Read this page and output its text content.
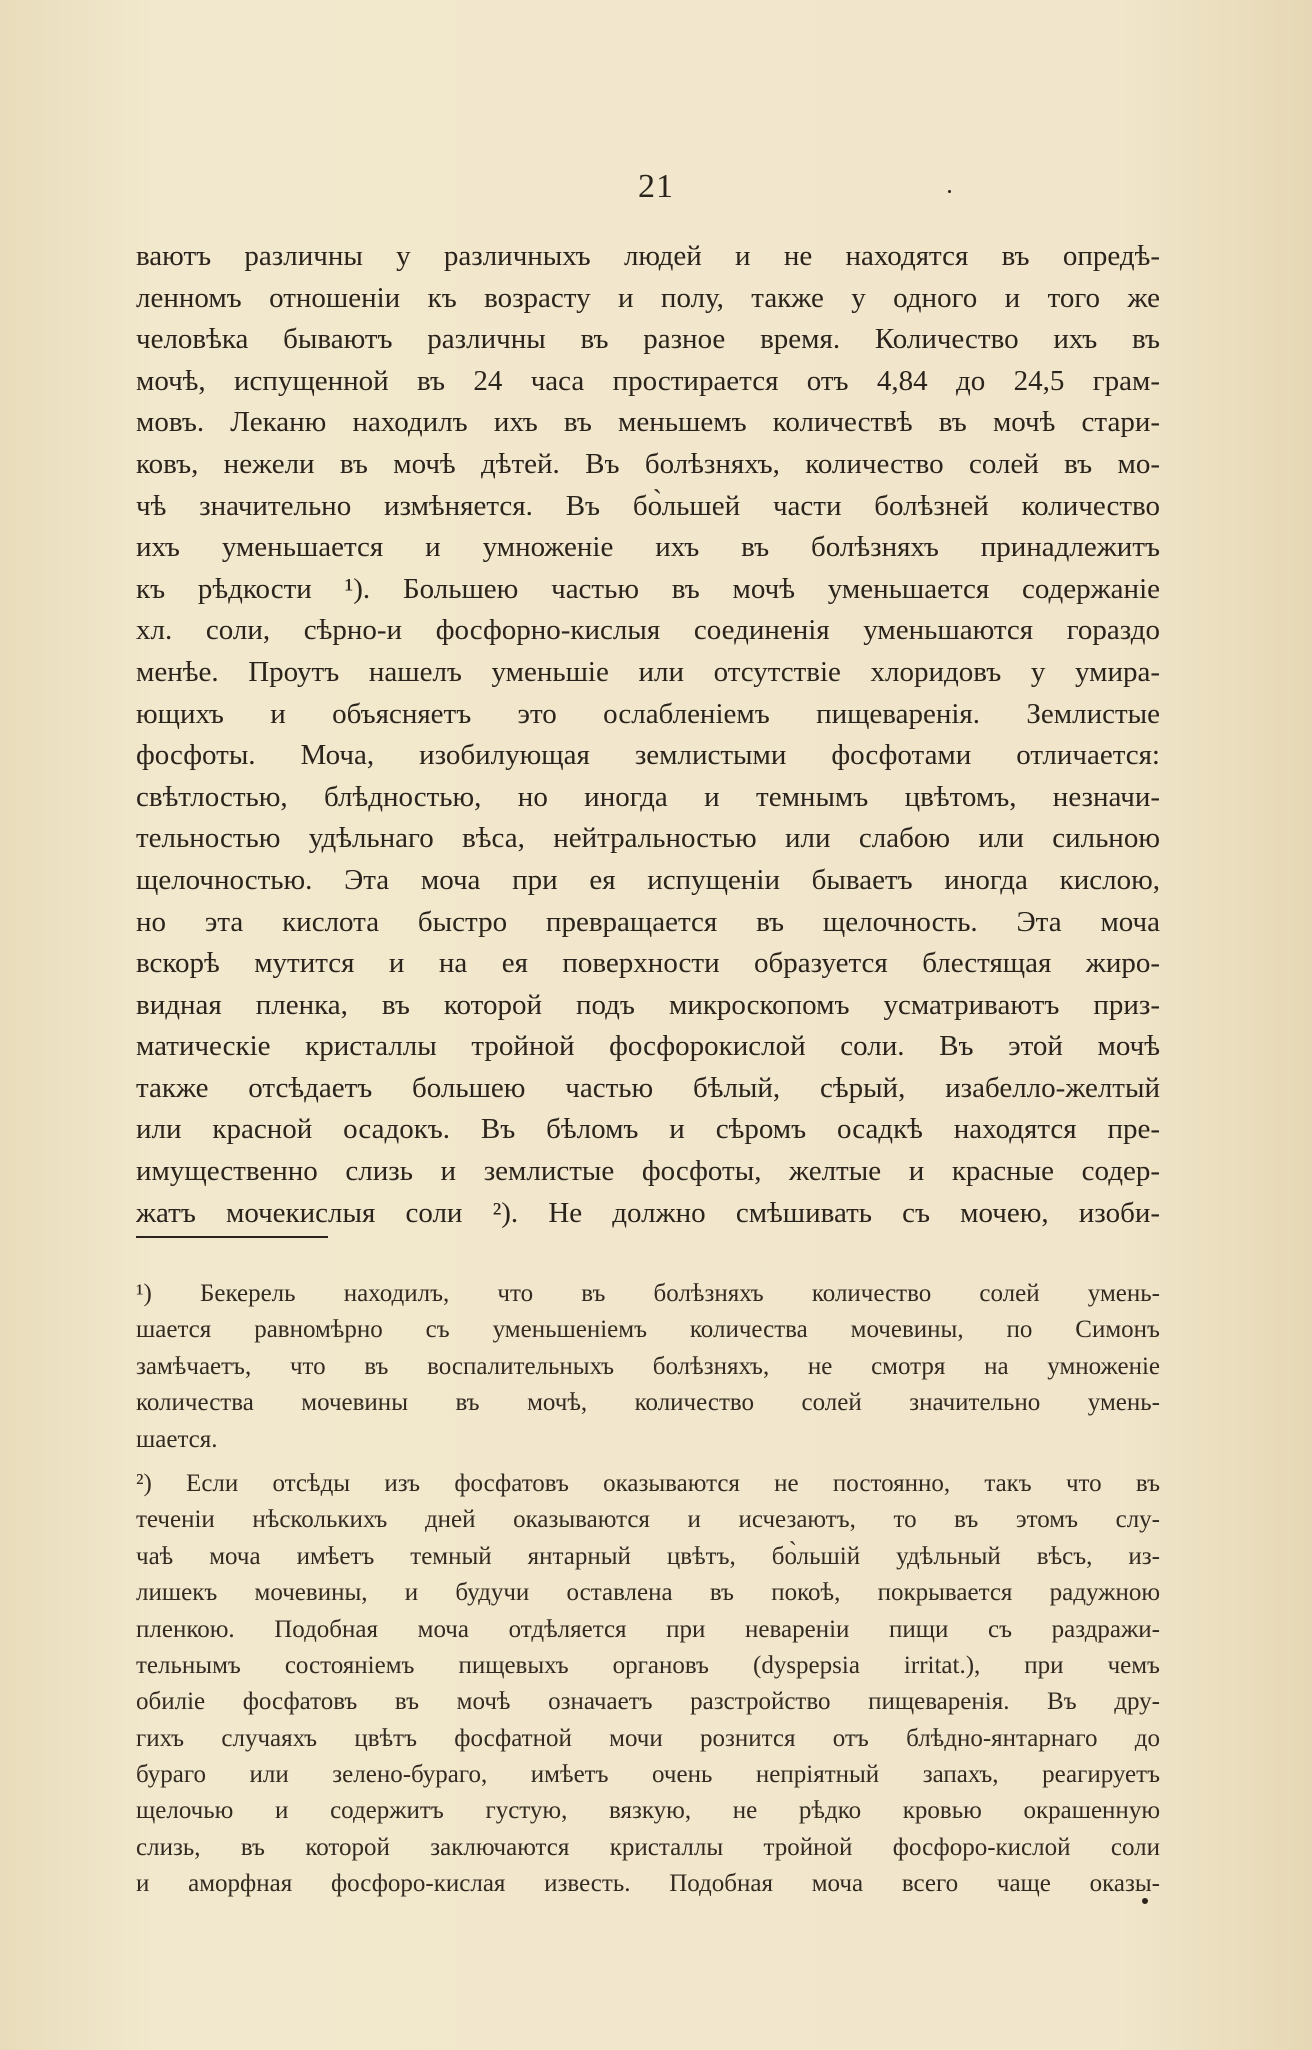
21
ваютъ различны у различныхъ людей и не находятся въ опредѣ-
ленномъ отношеніи къ возрасту и полу, также у одного и того же
человѣка бываютъ различны въ разное время. Количество ихъ въ
мочѣ, испущенной въ 24 часа простирается отъ 4,84 до 24,5 грам-
мовъ. Леканю находилъ ихъ въ меньшемъ количествѣ въ мочѣ стари-
ковъ, нежели въ мочѣ дѣтей. Въ болѣзняхъ, количество солей въ мо-
чѣ значительно измѣняется. Въ бо̀льшей части болѣзней количество
ихъ уменьшается и умноженіе ихъ въ болѣзняхъ принадлежитъ
къ рѣдкости ¹). Большею частью въ мочѣ уменьшается содержаніе
хл. соли, сѣрно-и фосфорно-кислыя соединенія уменьшаются гораздо
менѣе. Проутъ нашелъ уменьшіе или отсутствіе хлоридовъ у умира-
ющихъ и объясняетъ это ослабленіемъ пищеваренія. Землистые
фосфоты. Моча, изобилующая землистыми фосфотами отличается:
свѣтлостью, блѣдностью, но иногда и темнымъ цвѣтомъ, незначи-
тельностью удѣльнаго вѣса, нейтральностью или слабою или сильною
щелочностью. Эта моча при ея испущеніи бываетъ иногда кислою,
но эта кислота быстро превращается въ щелочность. Эта моча
вскорѣ мутится и на ея поверхности образуется блестящая жиро-
видная пленка, въ которой подъ микроскопомъ усматриваютъ приз-
матическіе кристаллы тройной фосфорокислой соли. Въ этой мочѣ
также отсѣдаетъ большею частью бѣлый, сѣрый, изабелло-желтый
или красной осадокъ. Въ бѣломъ и сѣромъ осадкѣ находятся пре-
имущественно слизь и землистые фосфоты, желтые и красные содер-
жатъ мочекислыя соли ²). Не должно смѣшивать съ мочею, изоби-
¹) Бекерель находилъ, что въ болѣзняхъ количество солей умень-
шается равномѣрно съ уменьшеніемъ количества мочевины, по Симонъ
замѣчаетъ, что въ воспалительныхъ болѣзняхъ, не смотря на умноженіе
количества мочевины въ мочѣ, количество солей значительно умень-
шается.
²) Если отсѣды изъ фосфатовъ оказываются не постоянно, такъ что въ
теченіи нѣсколькихъ дней оказываются и исчезаютъ, то въ этомъ слу-
чаѣ моча имѣетъ темный янтарный цвѣтъ, бо̀льшій удѣльный вѣсъ, из-
лишекъ мочевины, и будучи оставлена въ покоѣ, покрывается радужною
пленкою. Подобная моча отдѣляется при невареніи пищи съ раздражи-
тельнымъ состояніемъ пищевыхъ органовъ (dyspepsia irritat.), при чемъ
обиліе фосфатовъ въ мочѣ означаетъ разстройство пищеваренія. Въ дру-
гихъ случаяхъ цвѣтъ фосфатной мочи рознится отъ блѣдно-янтарнаго до
бураго или зелено-бураго, имѣетъ очень непріятный запахъ, реагируетъ
щелочью и содержитъ густую, вязкую, не рѣдко кровью окрашенную
слизь, въ которой заключаются кристаллы тройной фосфоро-кислой соли
и аморфная фосфоро-кислая известь. Подобная моча всего чаще оказы-
